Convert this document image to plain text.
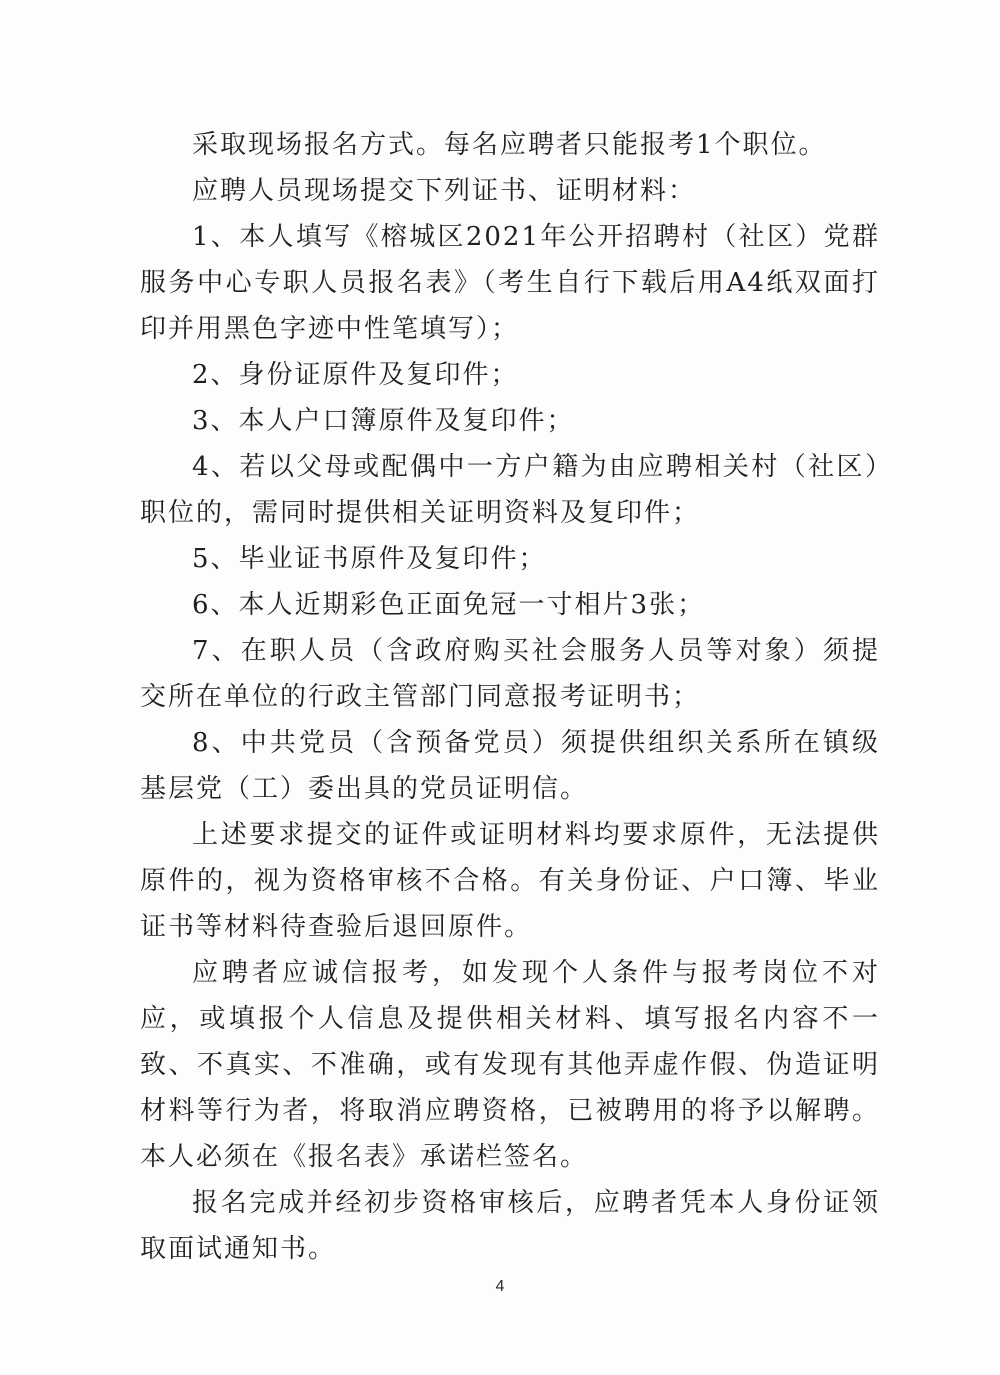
采取现场报名方式。每名应聘者只能报考1个职位。

应聘人员现场提交下列证书、证明材料：

1、本人填写《榕城区2021年公开招聘村（社区）党群服务中心专职人员报名表》（考生自行下载后用A4纸双面打印并用黑色字迹中性笔填写）；

2、身份证原件及复印件；

3、本人户口簿原件及复印件；

4、若以父母或配偶中一方户籍为由应聘相关村（社区）职位的，需同时提供相关证明资料及复印件；

5、毕业证书原件及复印件；

6、本人近期彩色正面免冠一寸相片3张；

7、在职人员（含政府购买社会服务人员等对象）须提交所在单位的行政主管部门同意报考证明书；

8、中共党员（含预备党员）须提供组织关系所在镇级基层党（工）委出具的党员证明信。

上述要求提交的证件或证明材料均要求原件，无法提供原件的，视为资格审核不合格。有关身份证、户口簿、毕业证书等材料待查验后退回原件。

应聘者应诚信报考，如发现个人条件与报考岗位不对应，或填报个人信息及提供相关材料、填写报名内容不一致、不真实、不准确，或有发现有其他弄虚作假、伪造证明材料等行为者，将取消应聘资格，已被聘用的将予以解聘。本人必须在《报名表》承诺栏签名。

报名完成并经初步资格审核后，应聘者凭本人身份证领取面试通知书。

4
